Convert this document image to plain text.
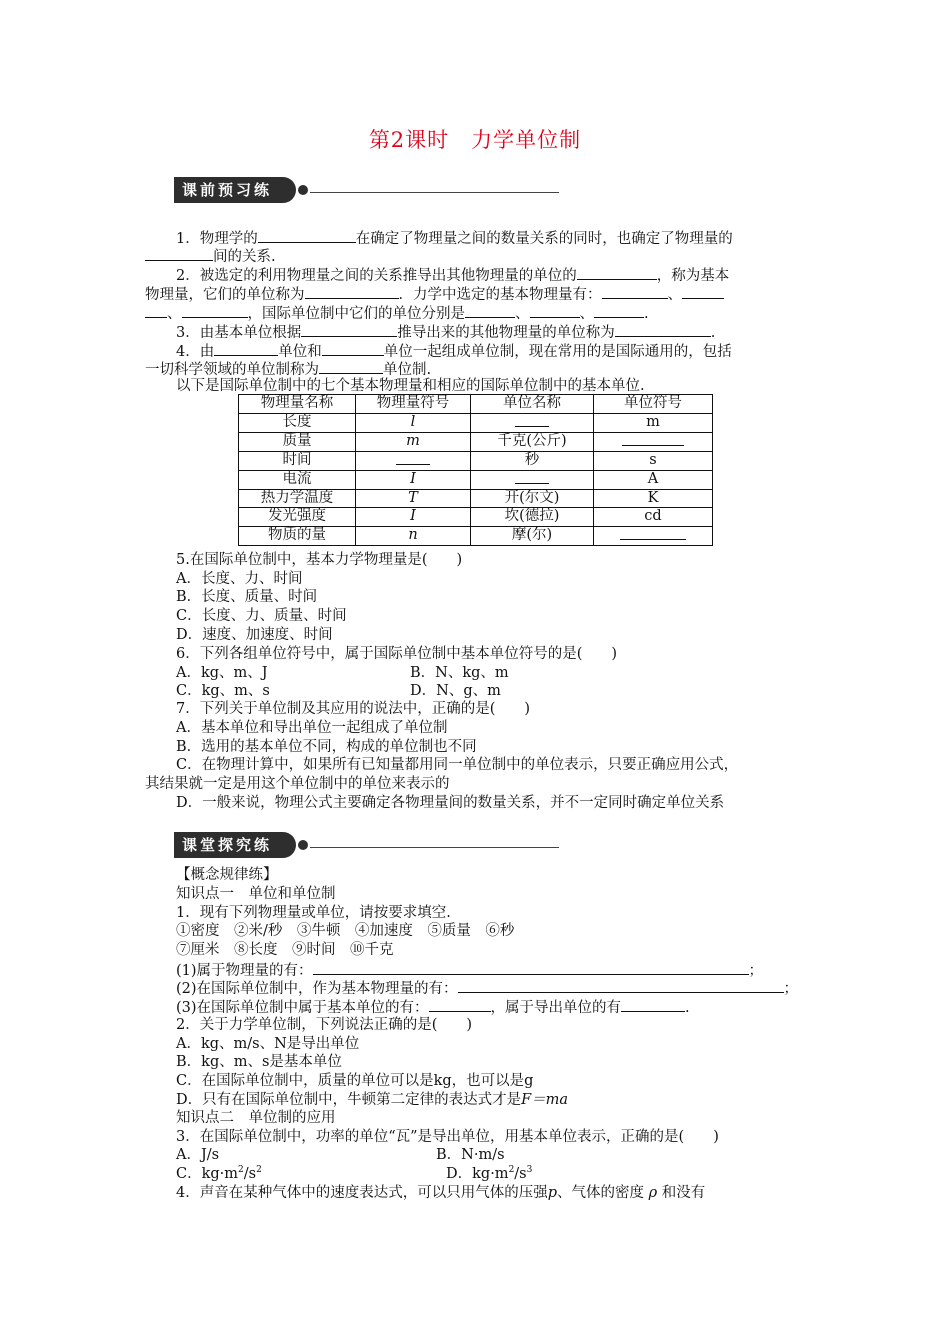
第2课时　力学单位制
课前预习练
1．物理学的	在确定了物理量之间的数量关系的同时，也确定了物理量的
间的关系.
2．被选定的利用物理量之间的关系推导出其他物理量的单位的	，称为基本
物理量，它们的单位称为	．力学中选定的基本物理量有：	、
、	，国际单位制中它们的单位分别是	、	、	.
3．由基本单位根据	推导出来的其他物理量的单位称为	.
4．由	单位和	单位一起组成单位制，现在常用的是国际通用的，包括
一切科学领域的单位制称为	单位制.
以下是国际单位制中的七个基本物理量和相应的国际单位制中的基本单位.
物理量名称	物理量符号	单位名称	单位符号
长度	l		m
质量	m	千克(公斤)	
时间		秒	s
电流	I		A
热力学温度	T	开(尔文)	K
发光强度	I	坎(德拉)	cd
物质的量	n	摩(尔)	
5.在国际单位制中，基本力学物理量是(　　)
A．长度、力、时间
B．长度、质量、时间
C．长度、力、质量、时间
D．速度、加速度、时间
6．下列各组单位符号中，属于国际单位制中基本单位符号的是(　　)
A．kg、m、J	B．N、kg、m
C．kg、m、s	D．N、g、m
7．下列关于单位制及其应用的说法中，正确的是(　　)
A．基本单位和导出单位一起组成了单位制
B．选用的基本单位不同，构成的单位制也不同
C．在物理计算中，如果所有已知量都用同一单位制中的单位表示，只要正确应用公式，
其结果就一定是用这个单位制中的单位来表示的
D．一般来说，物理公式主要确定各物理量间的数量关系，并不一定同时确定单位关系
课堂探究练
【概念规律练】
知识点一　单位和单位制
1．现有下列物理量或单位，请按要求填空.
①密度　②米/秒　③牛顿　④加速度　⑤质量　⑥秒
⑦厘米　⑧长度　⑨时间　⑩千克
(1)属于物理量的有：	；
(2)在国际单位制中，作为基本物理量的有：	；
(3)在国际单位制中属于基本单位的有：	，属于导出单位的有	.
2．关于力学单位制，下列说法正确的是(　　)
A．kg、m/s、N是导出单位
B．kg、m、s是基本单位
C．在国际单位制中，质量的单位可以是kg，也可以是g
D．只有在国际单位制中，牛顿第二定律的表达式才是F＝ma
知识点二　单位制的应用
3．在国际单位制中，功率的单位“瓦”是导出单位，用基本单位表示，正确的是(　　)
A．J/s	B．N·m/s
C．$kg\cdot m^2/s^2$	D．$kg\cdot m^2/s^3$
4．声音在某种气体中的速度表达式，可以只用气体的压强p、气体的密度 ρ 和没有
